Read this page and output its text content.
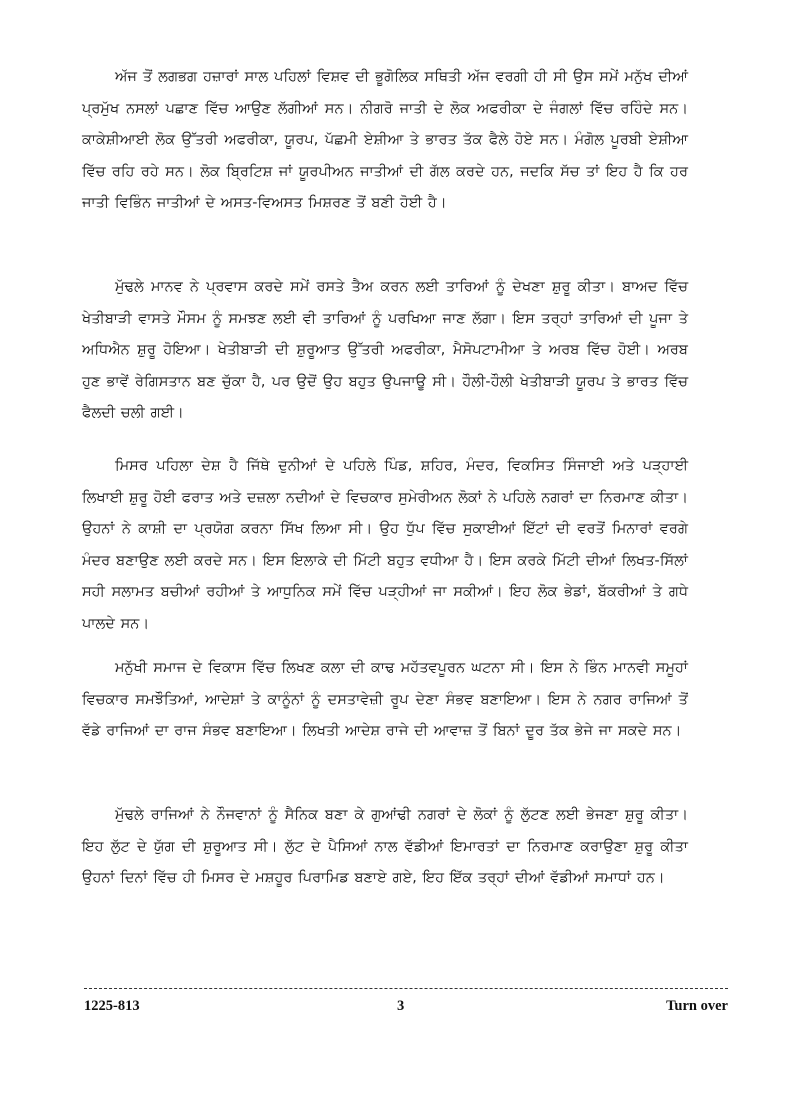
ਅੱਜ ਤੋਂ ਲਗਭਗ ਹਜ਼ਾਰਾਂ ਸਾਲ ਪਹਿਲਾਂ ਵਿਸ਼ਵ ਦੀ ਭੂਗੋਲਿਕ ਸਥਿਤੀ ਅੱਜ ਵਰਗੀ ਹੀ ਸੀ ਉਸ ਸਮੇਂ ਮਨੁੱਖ ਦੀਆਂ ਪ੍ਰਮੁੱਖ ਨਸਲਾਂ ਪਛਾਣ ਵਿੱਚ ਆਉਣ ਲੱਗੀਆਂ ਸਨ। ਨੀਗਰੋ ਜਾਤੀ ਦੇ ਲੋਕ ਅਫਰੀਕਾ ਦੇ ਜੰਗਲਾਂ ਵਿੱਚ ਰਹਿੰਦੇ ਸਨ। ਕਾਕੇਸ਼ੀਆਈ ਲੋਕ ਉੱਤਰੀ ਅਫਰੀਕਾ, ਯੂਰਪ, ਪੱਛਮੀ ਏਸ਼ੀਆ ਤੇ ਭਾਰਤ ਤੱਕ ਫੈਲੇ ਹੋਏ ਸਨ। ਮੰਗੋਲ ਪੂਰਬੀ ਏਸ਼ੀਆ ਵਿੱਚ ਰਹਿ ਰਹੇ ਸਨ। ਲੋਕ ਬ੍ਰਿਟਿਸ਼ ਜਾਂ ਯੂਰਪੀਅਨ ਜਾਤੀਆਂ ਦੀ ਗੱਲ ਕਰਦੇ ਹਨ, ਜਦਕਿ ਸੱਚ ਤਾਂ ਇਹ ਹੈ ਕਿ ਹਰ ਜਾਤੀ ਵਿਭਿੰਨ ਜਾਤੀਆਂ ਦੇ ਅਸਤ-ਵਿਅਸਤ ਮਿਸ਼ਰਣ ਤੋਂ ਬਣੀ ਹੋਈ ਹੈ।

ਮੁੱਢਲੇ ਮਾਨਵ ਨੇ ਪ੍ਰਵਾਸ ਕਰਦੇ ਸਮੇਂ ਰਸਤੇ ਤੈਅ ਕਰਨ ਲਈ ਤਾਰਿਆਂ ਨੂੰ ਦੇਖਣਾ ਸ਼ੁਰੂ ਕੀਤਾ। ਬਾਅਦ ਵਿੱਚ ਖੇਤੀਬਾੜੀ ਵਾਸਤੇ ਮੌਸਮ ਨੂੰ ਸਮਝਣ ਲਈ ਵੀ ਤਾਰਿਆਂ ਨੂੰ ਪਰਖਿਆ ਜਾਣ ਲੱਗਾ। ਇਸ ਤਰ੍ਹਾਂ ਤਾਰਿਆਂ ਦੀ ਪੂਜਾ ਤੇ ਅਧਿਐਨ ਸ਼ੁਰੂ ਹੋਇਆ। ਖੇਤੀਬਾੜੀ ਦੀ ਸ਼ੁਰੂਆਤ ਉੱਤਰੀ ਅਫਰੀਕਾ, ਮੈਸੋਪਟਾਮੀਆ ਤੇ ਅਰਬ ਵਿੱਚ ਹੋਈ। ਅਰਬ ਹੁਣ ਭਾਵੇਂ ਰੇਗਿਸਤਾਨ ਬਣ ਚੁੱਕਾ ਹੈ, ਪਰ ਉਦੋਂ ਉਹ ਬਹੁਤ ਉਪਜਾਊ ਸੀ। ਹੌਲੀ-ਹੌਲੀ ਖੇਤੀਬਾੜੀ ਯੂਰਪ ਤੇ ਭਾਰਤ ਵਿੱਚ ਫੈਲਦੀ ਚਲੀ ਗਈ।

ਮਿਸਰ ਪਹਿਲਾ ਦੇਸ਼ ਹੈ ਜਿੱਥੇ ਦੁਨੀਆਂ ਦੇ ਪਹਿਲੇ ਪਿੰਡ, ਸ਼ਹਿਰ, ਮੰਦਰ, ਵਿਕਸਿਤ ਸਿੰਜਾਈ ਅਤੇ ਪੜ੍ਹਾਈ ਲਿਖਾਈ ਸ਼ੁਰੂ ਹੋਈ ਫਰਾਤ ਅਤੇ ਦਜ਼ਲਾ ਨਦੀਆਂ ਦੇ ਵਿਚਕਾਰ ਸੁਮੇਰੀਅਨ ਲੋਕਾਂ ਨੇ ਪਹਿਲੇ ਨਗਰਾਂ ਦਾ ਨਿਰਮਾਣ ਕੀਤਾ। ਉਹਨਾਂ ਨੇ ਕਾਸ਼ੀ ਦਾ ਪ੍ਰਯੋਗ ਕਰਨਾ ਸਿੱਖ ਲਿਆ ਸੀ। ਉਹ ਧੁੱਪ ਵਿੱਚ ਸੁਕਾਈਆਂ ਇੱਟਾਂ ਦੀ ਵਰਤੋਂ ਮਿਨਾਰਾਂ ਵਰਗੇ ਮੰਦਰ ਬਣਾਉਣ ਲਈ ਕਰਦੇ ਸਨ। ਇਸ ਇਲਾਕੇ ਦੀ ਮਿੱਟੀ ਬਹੁਤ ਵਧੀਆ ਹੈ। ਇਸ ਕਰਕੇ ਮਿੱਟੀ ਦੀਆਂ ਲਿਖਤ-ਸਿੱਲਾਂ ਸਹੀ ਸਲਾਮਤ ਬਚੀਆਂ ਰਹੀਆਂ ਤੇ ਆਧੁਨਿਕ ਸਮੇਂ ਵਿੱਚ ਪੜ੍ਹੀਆਂ ਜਾ ਸਕੀਆਂ। ਇਹ ਲੋਕ ਭੇਡਾਂ, ਬੱਕਰੀਆਂ ਤੇ ਗਧੇ ਪਾਲਦੇ ਸਨ।

ਮਨੁੱਖੀ ਸਮਾਜ ਦੇ ਵਿਕਾਸ ਵਿੱਚ ਲਿਖਣ ਕਲਾ ਦੀ ਕਾਢ ਮਹੱਤਵਪੂਰਨ ਘਟਨਾ ਸੀ। ਇਸ ਨੇ ਭਿੰਨ ਮਾਨਵੀ ਸਮੂਹਾਂ ਵਿਚਕਾਰ ਸਮਝੌਤਿਆਂ, ਆਦੇਸ਼ਾਂ ਤੇ ਕਾਨੂੰਨਾਂ ਨੂੰ ਦਸਤਾਵੇਜ਼ੀ ਰੂਪ ਦੇਣਾ ਸੰਭਵ ਬਣਾਇਆ। ਇਸ ਨੇ ਨਗਰ ਰਾਜਿਆਂ ਤੋਂ ਵੱਡੇ ਰਾਜਿਆਂ ਦਾ ਰਾਜ ਸੰਭਵ ਬਣਾਇਆ। ਲਿਖਤੀ ਆਦੇਸ਼ ਰਾਜੇ ਦੀ ਆਵਾਜ਼ ਤੋਂ ਬਿਨਾਂ ਦੂਰ ਤੱਕ ਭੇਜੇ ਜਾ ਸਕਦੇ ਸਨ।

ਮੁੱਢਲੇ ਰਾਜਿਆਂ ਨੇ ਨੌਜਵਾਨਾਂ ਨੂੰ ਸੈਨਿਕ ਬਣਾ ਕੇ ਗੁਆਂਢੀ ਨਗਰਾਂ ਦੇ ਲੋਕਾਂ ਨੂੰ ਲੁੱਟਣ ਲਈ ਭੇਜਣਾ ਸ਼ੁਰੂ ਕੀਤਾ। ਇਹ ਲੁੱਟ ਦੇ ਯੁੱਗ ਦੀ ਸ਼ੁਰੂਆਤ ਸੀ। ਲੁੱਟ ਦੇ ਪੈਸਿਆਂ ਨਾਲ ਵੱਡੀਆਂ ਇਮਾਰਤਾਂ ਦਾ ਨਿਰਮਾਣ ਕਰਾਉਣਾ ਸ਼ੁਰੂ ਕੀਤਾ ਉਹਨਾਂ ਦਿਨਾਂ ਵਿੱਚ ਹੀ ਮਿਸਰ ਦੇ ਮਸ਼ਹੂਰ ਪਿਰਾਮਿਡ ਬਣਾਏ ਗਏ, ਇਹ ਇੱਕ ਤਰ੍ਹਾਂ ਦੀਆਂ ਵੱਡੀਆਂ ਸਮਾਧਾਂ ਹਨ।

1225-813	3	Turn over
